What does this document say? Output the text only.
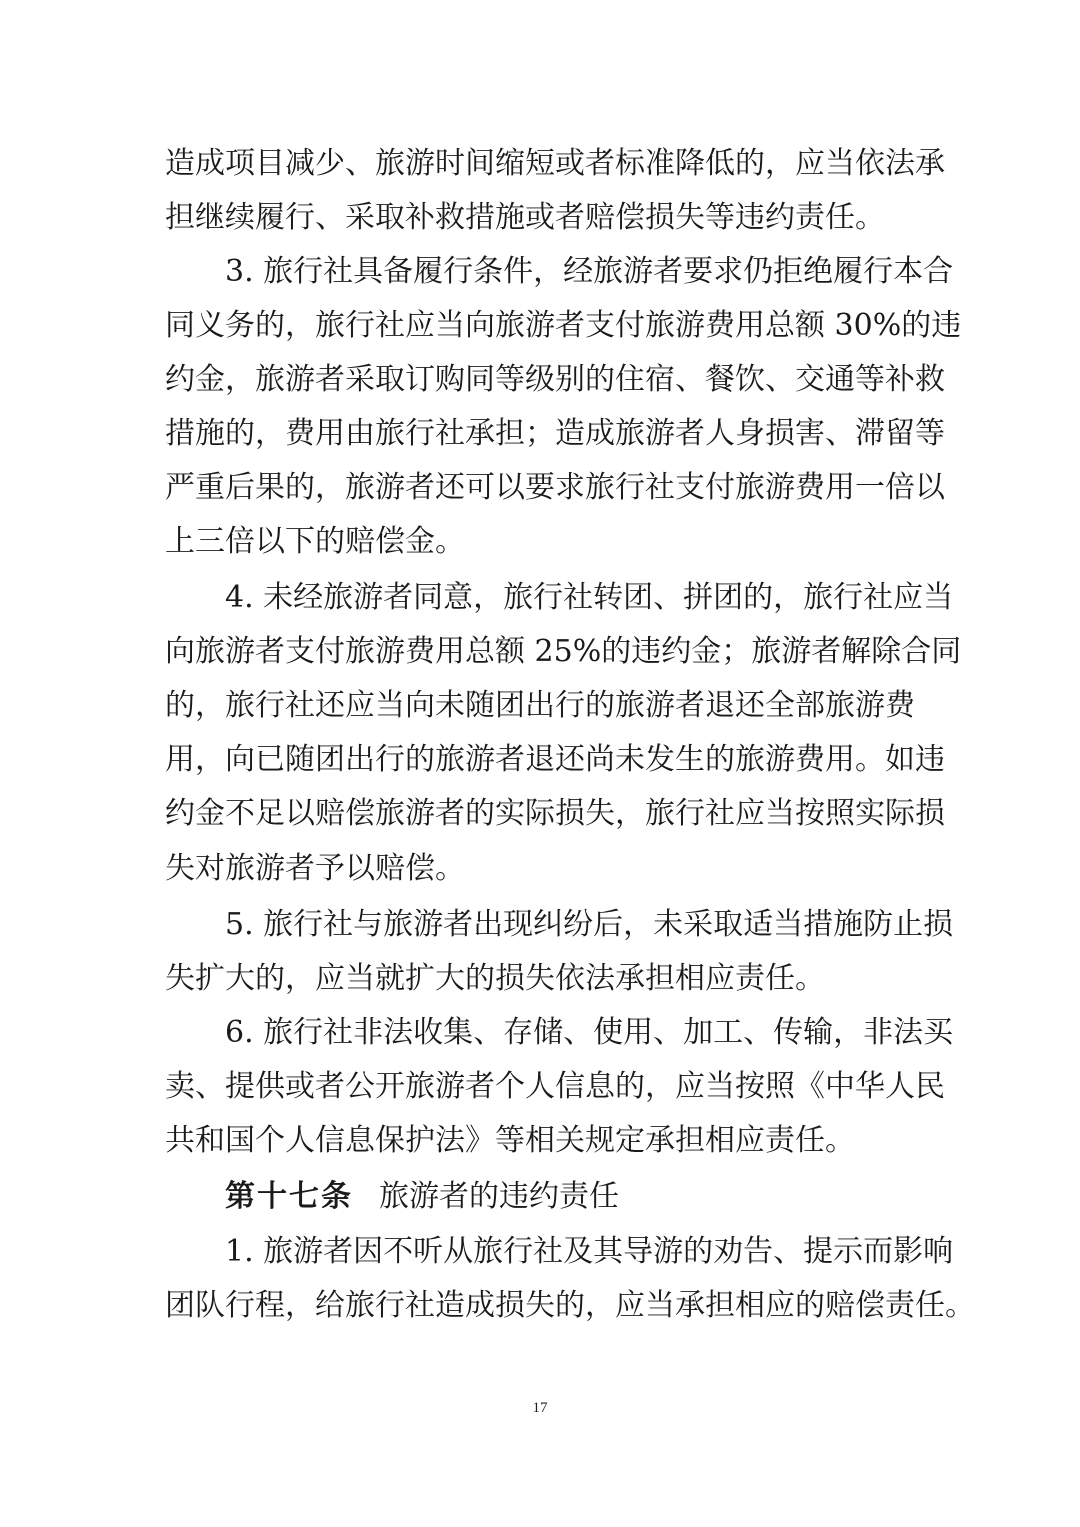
造成项目减少、旅游时间缩短或者标准降低的，应当依法承
担继续履行、采取补救措施或者赔偿损失等违约责任。
3. 旅行社具备履行条件，经旅游者要求仍拒绝履行本合
同义务的，旅行社应当向旅游者支付旅游费用总额 30%的违
约金，旅游者采取订购同等级别的住宿、餐饮、交通等补救
措施的，费用由旅行社承担；造成旅游者人身损害、滞留等
严重后果的，旅游者还可以要求旅行社支付旅游费用一倍以
上三倍以下的赔偿金。
4. 未经旅游者同意，旅行社转团、拼团的，旅行社应当
向旅游者支付旅游费用总额 25%的违约金；旅游者解除合同
的，旅行社还应当向未随团出行的旅游者退还全部旅游费
用，向已随团出行的旅游者退还尚未发生的旅游费用。如违
约金不足以赔偿旅游者的实际损失，旅行社应当按照实际损
失对旅游者予以赔偿。
5. 旅行社与旅游者出现纠纷后，未采取适当措施防止损
失扩大的，应当就扩大的损失依法承担相应责任。
6. 旅行社非法收集、存储、使用、加工、传输，非法买
卖、提供或者公开旅游者个人信息的，应当按照《中华人民
共和国个人信息保护法》等相关规定承担相应责任。
第十七条 旅游者的违约责任
1. 旅游者因不听从旅行社及其导游的劝告、提示而影响
团队行程，给旅行社造成损失的，应当承担相应的赔偿责任。
17
